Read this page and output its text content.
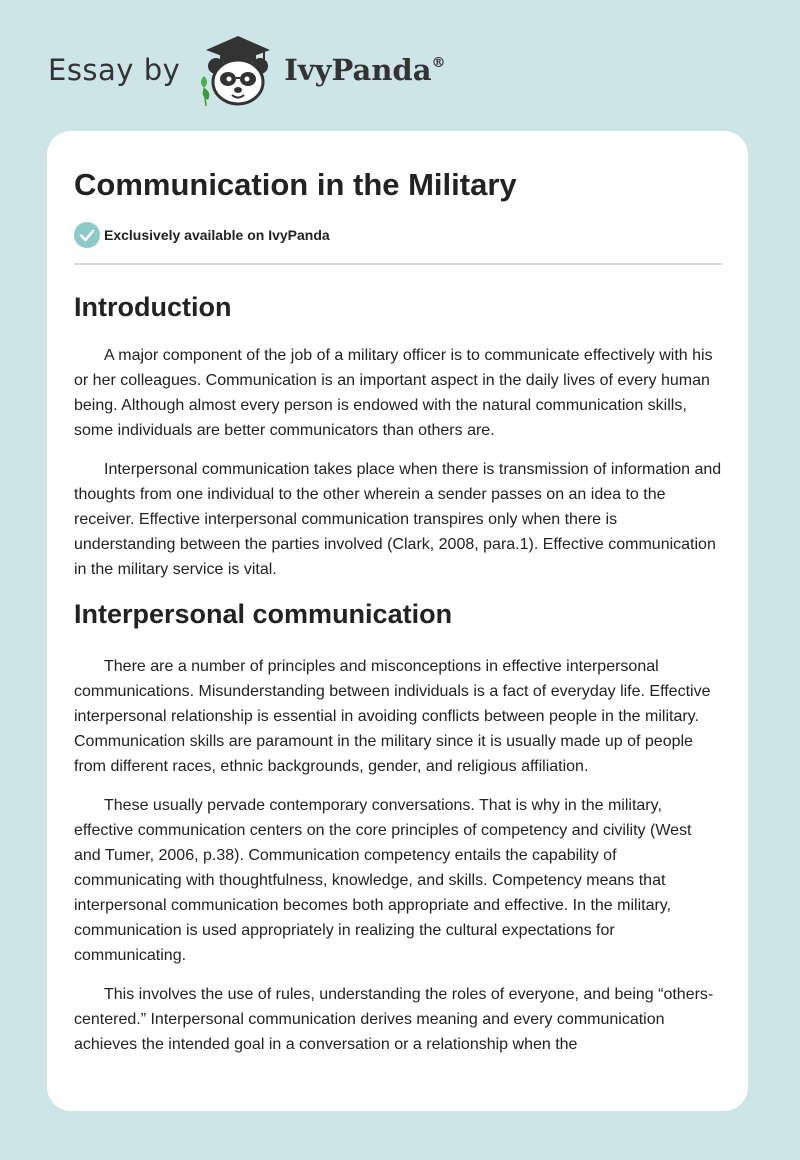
Essay by	IvyPanda®
Communication in the Military
Exclusively available on IvyPanda
Introduction

A major component of the job of a military officer is to communicate effectively with his or her colleagues. Communication is an important aspect in the daily lives of every human being. Although almost every person is endowed with the natural communication skills, some individuals are better communicators than others are.

Interpersonal communication takes place when there is transmission of information and thoughts from one individual to the other wherein a sender passes on an idea to the receiver. Effective interpersonal communication transpires only when there is understanding between the parties involved (Clark, 2008, para.1). Effective communication in the military service is vital.

Interpersonal communication

There are a number of principles and misconceptions in effective interpersonal communications. Misunderstanding between individuals is a fact of everyday life. Effective interpersonal relationship is essential in avoiding conflicts between people in the military. Communication skills are paramount in the military since it is usually made up of people from different races, ethnic backgrounds, gender, and religious affiliation.

These usually pervade contemporary conversations. That is why in the military, effective communication centers on the core principles of competency and civility (West and Tumer, 2006, p.38). Communication competency entails the capability of communicating with thoughtfulness, knowledge, and skills. Competency means that interpersonal communication becomes both appropriate and effective. In the military, communication is used appropriately in realizing the cultural expectations for communicating.

This involves the use of rules, understanding the roles of everyone, and being “others-centered.” Interpersonal communication derives meaning and every communication achieves the intended goal in a conversation or a relationship when the
